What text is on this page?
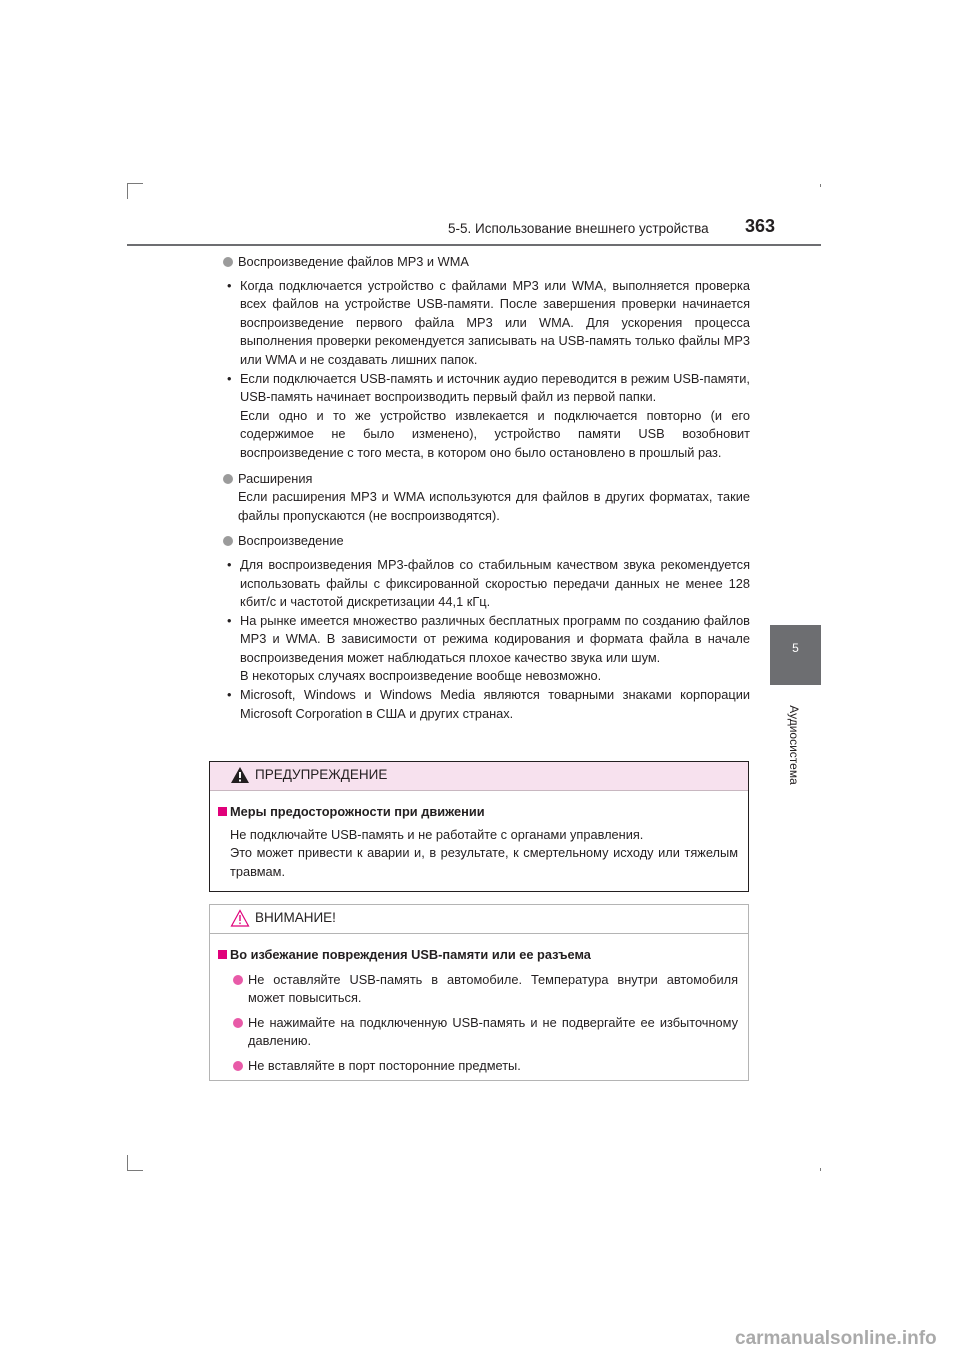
5-5. Использование внешнего устройства 363
5
Аудиосистема
Воспроизведение файлов MP3 и WMA
• Когда подключается устройство с файлами MP3 или WMA, выполняется проверка всех файлов на устройстве USB-памяти. После завершения проверки начинается воспроизведение первого файла MP3 или WMA. Для ускорения процесса выполнения проверки рекомендуется записывать на USB-память только файлы MP3 или WMA и не создавать лишних папок.
• Если подключается USB-память и источник аудио переводится в режим USB-памяти, USB-память начинает воспроизводить первый файл из первой папки.
Если одно и то же устройство извлекается и подключается повторно (и его содержимое не было изменено), устройство памяти USB возобновит воспроизведение с того места, в котором оно было остановлено в прошлый раз.
Расширения
Если расширения MP3 и WMA используются для файлов в других форматах, такие файлы пропускаются (не воспроизводятся).
Воспроизведение
• Для воспроизведения MP3-файлов со стабильным качеством звука рекомендуется использовать файлы с фиксированной скоростью передачи данных не менее 128 кбит/с и частотой дискретизации 44,1 кГц.
• На рынке имеется множество различных бесплатных программ по созданию файлов MP3 и WMA. В зависимости от режима кодирования и формата файла в начале воспроизведения может наблюдаться плохое качество звука или шум.
В некоторых случаях воспроизведение вообще невозможно.
• Microsoft, Windows и Windows Media являются товарными знаками корпорации Microsoft Corporation в США и других странах.
ПРЕДУПРЕЖДЕНИЕ
Меры предосторожности при движении
Не подключайте USB-память и не работайте с органами управления.
Это может привести к аварии и, в результате, к смертельному исходу или тяжелым травмам.
ВНИМАНИЕ!
Во избежание повреждения USB-памяти или ее разъема
Не оставляйте USB-память в автомобиле. Температура внутри автомобиля может повыситься.
Не нажимайте на подключенную USB-память и не подвергайте ее избыточному давлению.
Не вставляйте в порт посторонние предметы.
carmanualsonline.info
